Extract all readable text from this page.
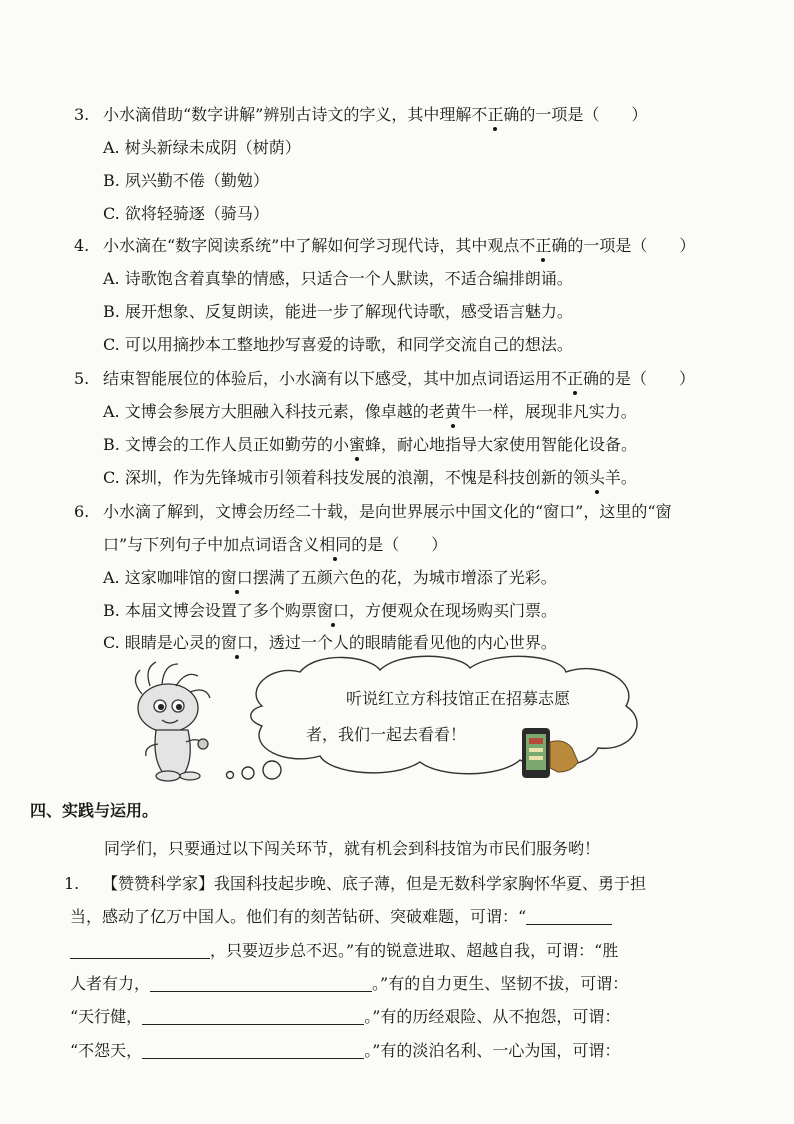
3. 小水滴借助“数字讲解”辨别古诗文的字义，其中理解不正确的一项是（　　）
A. 树头新绿未成阴（树荫）
B. 夙兴勤不倦（勤勉）
C. 欲将轻骑逐（骑马）
4. 小水滴在“数字阅读系统”中了解如何学习现代诗，其中观点不正确的一项是（　　）
A. 诗歌饱含着真挚的情感，只适合一个人默读，不适合编排朗诵。
B. 展开想象、反复朗读，能进一步了解现代诗歌，感受语言魅力。
C. 可以用摘抄本工整地抄写喜爱的诗歌，和同学交流自己的想法。
5. 结束智能展位的体验后，小水滴有以下感受，其中加点词语运用不正确的是（　　）
A. 文博会参展方大胆融入科技元素，像卓越的老黄牛一样，展现非凡实力。
B. 文博会的工作人员正如勤劳的小蜜蜂，耐心地指导大家使用智能化设备。
C. 深圳，作为先锋城市引领着科技发展的浪潮，不愧是科技创新的领头羊。
6. 小水滴了解到，文博会历经二十载，是向世界展示中国文化的“窗口”，这里的“窗
口”与下列句子中加点词语含义相同的是（　　）
A. 这家咖啡馆的窗口摆满了五颜六色的花，为城市增添了光彩。
B. 本届文博会设置了多个购票窗口，方便观众在现场购买门票。
C. 眼睛是心灵的窗口，透过一个人的眼睛能看见他的内心世界。
听说红立方科技馆正在招募志愿
者，我们一起去看看！
四、实践与运用。
同学们，只要通过以下闯关环节，就有机会到科技馆为市民们服务哟！
1. 【赞赞科学家】我国科技起步晚、底子薄，但是无数科学家胸怀华夏、勇于担
当，感动了亿万中国人。他们有的刻苦钻研、突破难题，可谓：“
，只要迈步总不迟。”有的锐意进取、超越自我，可谓：“胜
人者有力，	。”有的自力更生、坚韧不拔，可谓：
“天行健，	。”有的历经艰险、从不抱怨，可谓：
“不怨天，	。”有的淡泊名利、一心为国，可谓：
